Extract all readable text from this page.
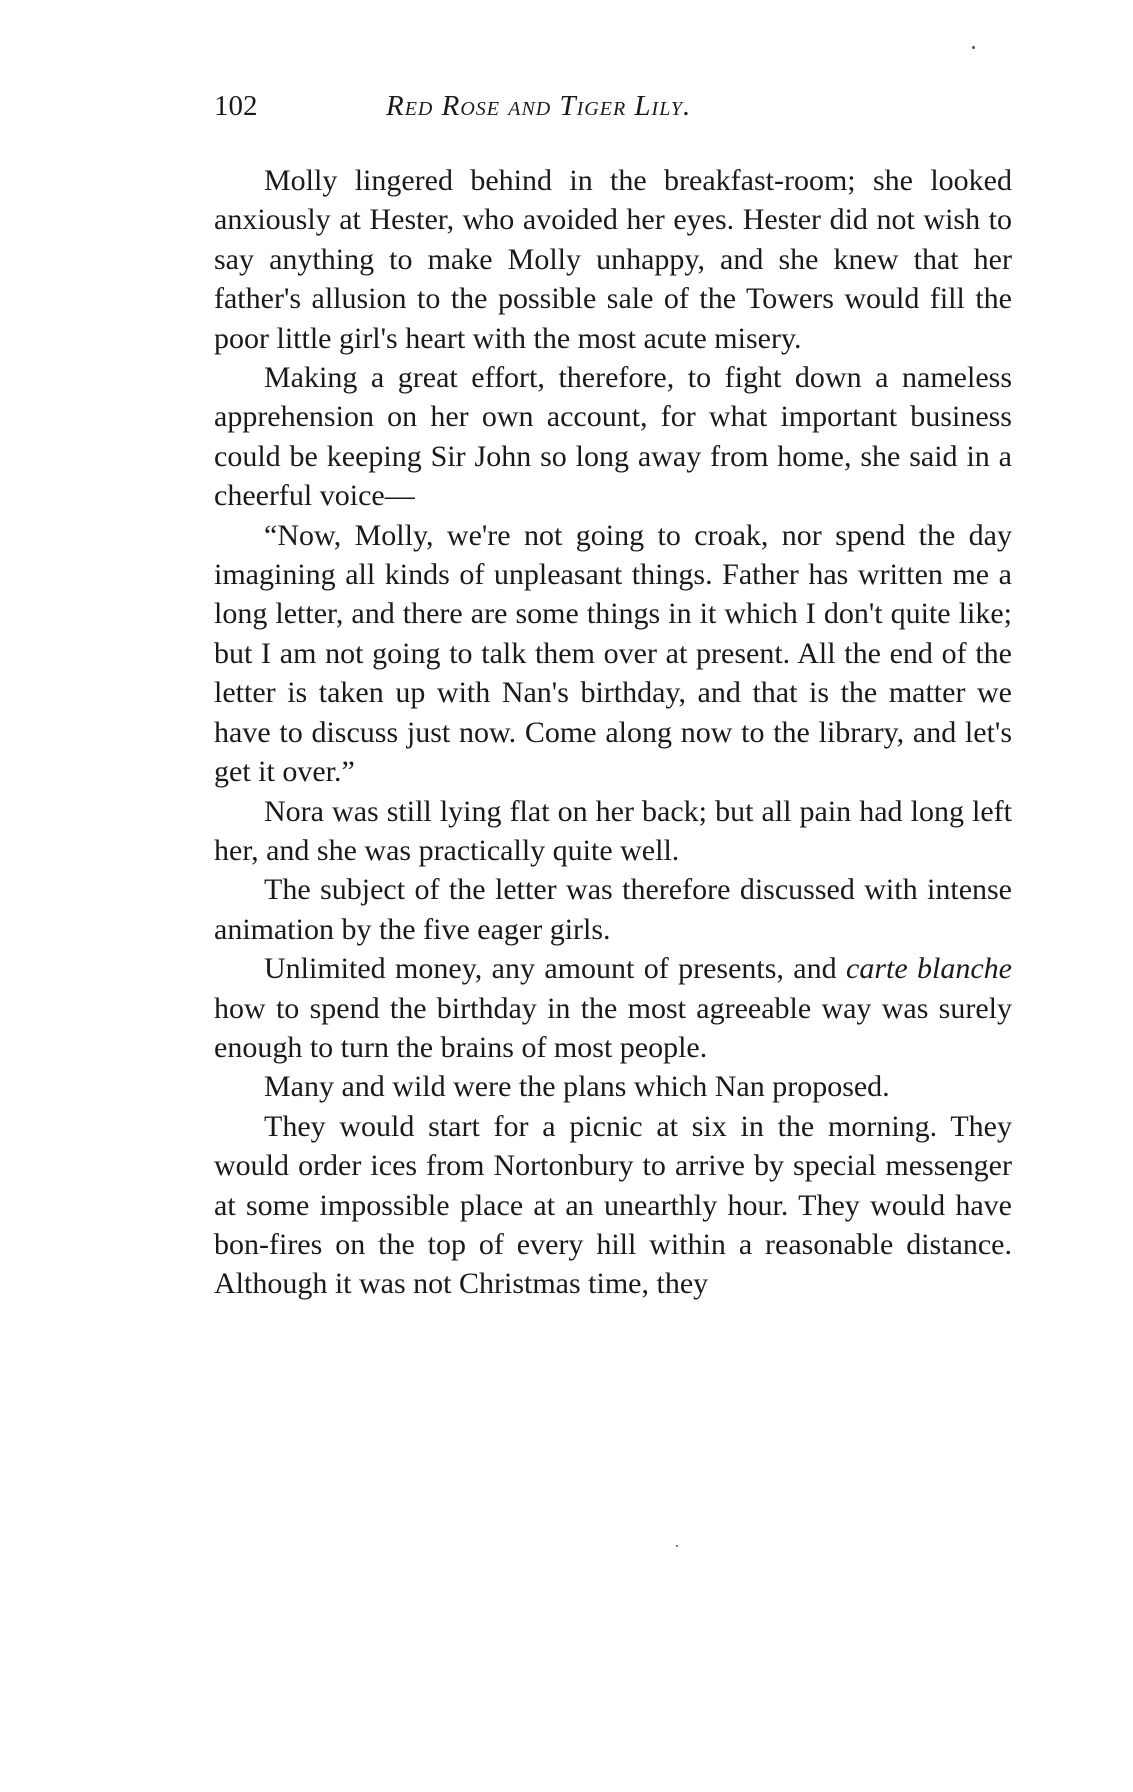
102	Red Rose and Tiger Lily.

Molly lingered behind in the breakfast-room; she looked anxiously at Hester, who avoided her eyes. Hester did not wish to say anything to make Molly unhappy, and she knew that her father's allusion to the possible sale of the Towers would fill the poor little girl's heart with the most acute misery.

Making a great effort, therefore, to fight down a nameless apprehension on her own account, for what important business could be keeping Sir John so long away from home, she said in a cheerful voice—

“Now, Molly, we're not going to croak, nor spend the day imagining all kinds of unpleasant things. Father has written me a long letter, and there are some things in it which I don't quite like; but I am not going to talk them over at present. All the end of the letter is taken up with Nan's birthday, and that is the matter we have to discuss just now. Come along now to the library, and let's get it over.”

Nora was still lying flat on her back; but all pain had long left her, and she was practically quite well.

The subject of the letter was therefore discussed with intense animation by the five eager girls.

Unlimited money, any amount of presents, and carte blanche how to spend the birthday in the most agreeable way was surely enough to turn the brains of most people.

Many and wild were the plans which Nan proposed.

They would start for a picnic at six in the morning. They would order ices from Nortonbury to arrive by special messenger at some impossible place at an unearthly hour. They would have bon-fires on the top of every hill within a reasonable distance. Although it was not Christmas time, they
